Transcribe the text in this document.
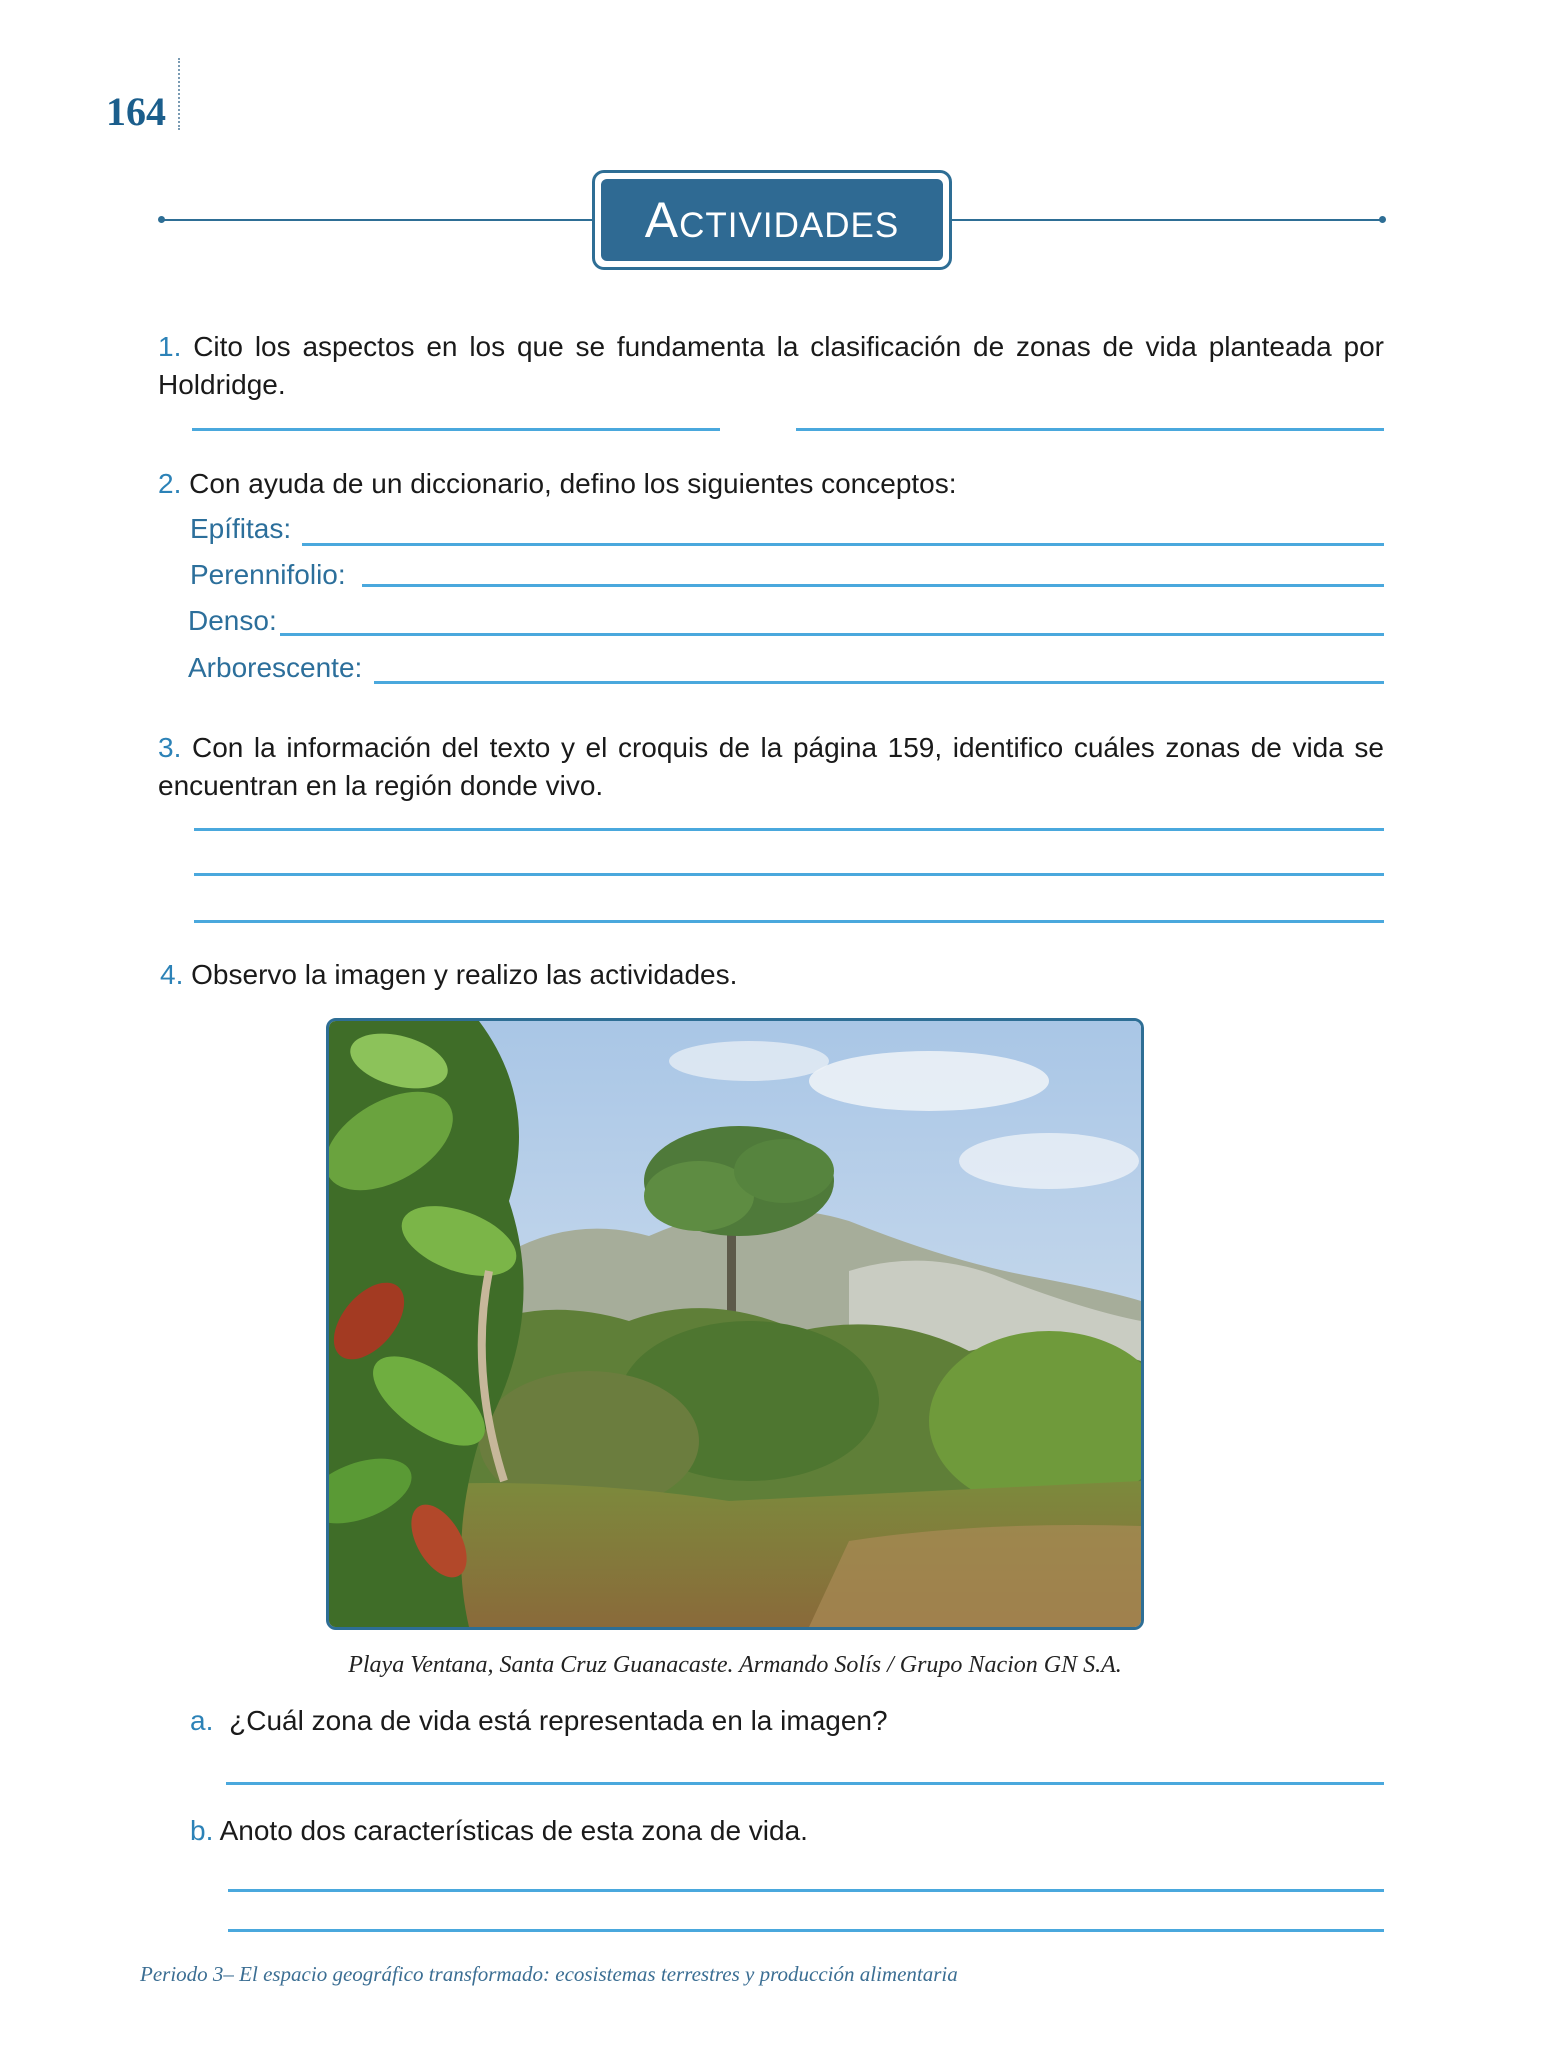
164
Actividades
1. Cito los aspectos en los que se fundamenta la clasificación de zonas de vida planteada por Holdridge.
2. Con ayuda de un diccionario, defino los siguientes conceptos:
Epífitas:
Perennifolio:
Denso:
Arborescente:
3. Con la información del texto y el croquis de la página 159, identifico cuáles zonas de vida se encuentran en la región donde vivo.
4. Observo la imagen y realizo las actividades.
Playa Ventana, Santa Cruz Guanacaste. Armando Solís / Grupo Nacion GN S.A.
a. ¿Cuál zona de vida está representada en la imagen?
b. Anoto dos características de esta zona de vida.
Periodo 3– El espacio geográfico transformado: ecosistemas terrestres y producción alimentaria
